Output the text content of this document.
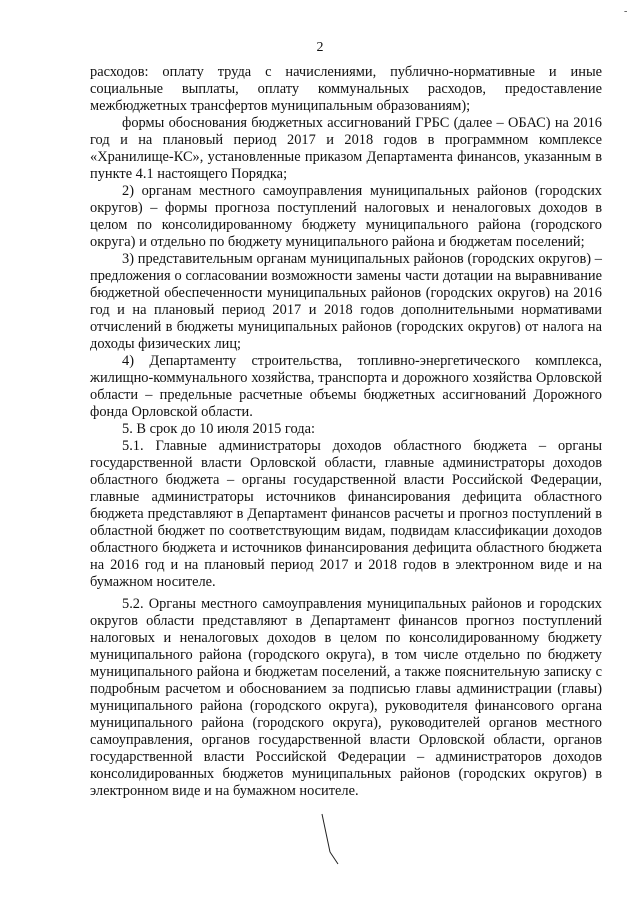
-
2

расходов: оплату труда с начислениями, публично-нормативные и иные социальные выплаты, оплату коммунальных расходов, предоставление межбюджетных трансфертов муниципальным образованиям);

формы обоснования бюджетных ассигнований ГРБС (далее – ОБАС) на 2016 год и на плановый период 2017 и 2018 годов в программном комплексе «Хранилище-КС», установленные приказом Департамента финансов, указанным в пункте 4.1 настоящего Порядка;

2) органам местного самоуправления муниципальных районов (городских округов) – формы прогноза поступлений налоговых и неналоговых доходов в целом по консолидированному бюджету муниципального района (городского округа) и отдельно по бюджету муниципального района и бюджетам поселений;

3) представительным органам муниципальных районов (городских округов) – предложения о согласовании возможности замены части дотации на выравнивание бюджетной обеспеченности муниципальных районов (городских округов) на 2016 год и на плановый период 2017 и 2018 годов дополнительными нормативами отчислений в бюджеты муниципальных районов (городских округов) от налога на доходы физических лиц;

4) Департаменту строительства, топливно-энергетического комплекса, жилищно-коммунального хозяйства, транспорта и дорожного хозяйства Орловской области – предельные расчетные объемы бюджетных ассигнований Дорожного фонда Орловской области.

5. В срок до 10 июля 2015 года:

5.1. Главные администраторы доходов областного бюджета – органы государственной власти Орловской области, главные администраторы доходов областного бюджета – органы государственной власти Российской Федерации, главные администраторы источников финансирования дефицита областного бюджета представляют в Департамент финансов расчеты и прогноз поступлений в областной бюджет по соответствующим видам, подвидам классификации доходов областного бюджета и источников финансирования дефицита областного бюджета на 2016 год и на плановый период 2017 и 2018 годов в электронном виде и на бумажном носителе.

5.2. Органы местного самоуправления муниципальных районов и городских округов области представляют в Департамент финансов прогноз поступлений налоговых и неналоговых доходов в целом по консолидированному бюджету муниципального района (городского округа), в том числе отдельно по бюджету муниципального района и бюджетам поселений, а также пояснительную записку с подробным расчетом и обоснованием за подписью главы администрации (главы) муниципального района (городского округа), руководителя финансового органа муниципального района (городского округа), руководителей органов местного самоуправления, органов государственной власти Орловской области, органов государственной власти Российской Федерации – администраторов доходов консолидированных бюджетов муниципальных районов (городских округов) в электронном виде и на бумажном носителе.
